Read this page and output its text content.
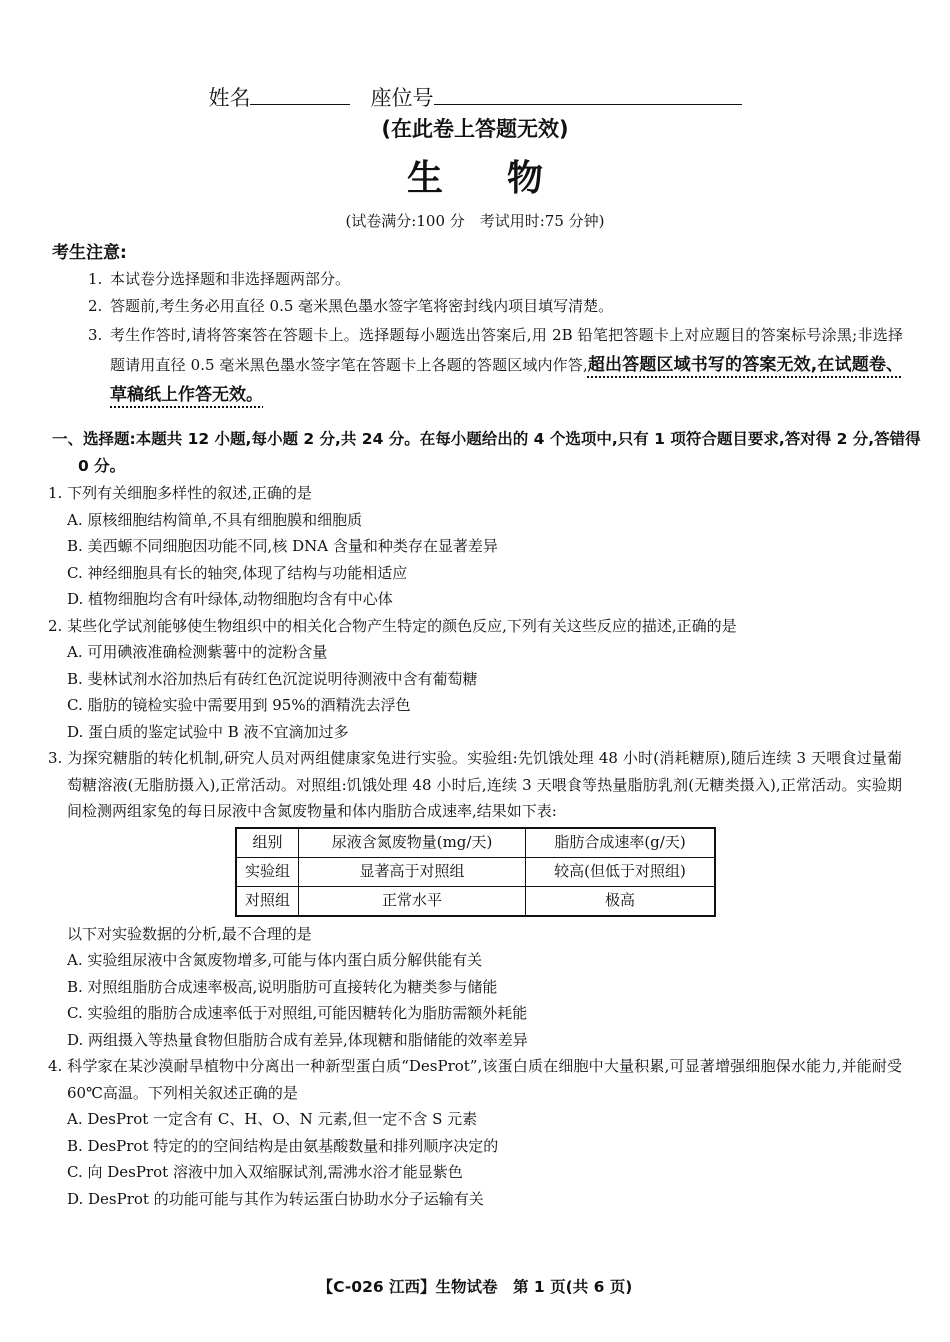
姓名	座位号
(在此卷上答题无效)
生物
(试卷满分:100 分　考试用时:75 分钟)
考生注意:
1. 本试卷分选择题和非选择题两部分。
2. 答题前,考生务必用直径 0.5 毫米黑色墨水签字笔将密封线内项目填写清楚。
3. 考生作答时,请将答案答在答题卡上。选择题每小题选出答案后,用 2B 铅笔把答题卡上对应题目的答案标号涂黑;非选择题请用直径 0.5 毫米黑色墨水签字笔在答题卡上各题的答题区域内作答,超出答题区域书写的答案无效,在试题卷、草稿纸上作答无效。
一、选择题:本题共 12 小题,每小题 2 分,共 24 分。在每小题给出的 4 个选项中,只有 1 项符合题目要求,答对得 2 分,答错得 0 分。
1. 下列有关细胞多样性的叙述,正确的是
A. 原核细胞结构简单,不具有细胞膜和细胞质
B. 美西螈不同细胞因功能不同,核 DNA 含量和种类存在显著差异
C. 神经细胞具有长的轴突,体现了结构与功能相适应
D. 植物细胞均含有叶绿体,动物细胞均含有中心体
2. 某些化学试剂能够使生物组织中的相关化合物产生特定的颜色反应,下列有关这些反应的描述,正确的是
A. 可用碘液准确检测紫薯中的淀粉含量
B. 斐林试剂水浴加热后有砖红色沉淀说明待测液中含有葡萄糖
C. 脂肪的镜检实验中需要用到 95%的酒精洗去浮色
D. 蛋白质的鉴定试验中 B 液不宜滴加过多
3. 为探究糖脂的转化机制,研究人员对两组健康家兔进行实验。实验组:先饥饿处理 48 小时(消耗糖原),随后连续 3 天喂食过量葡萄糖溶液(无脂肪摄入),正常活动。对照组:饥饿处理 48 小时后,连续 3 天喂食等热量脂肪乳剂(无糖类摄入),正常活动。实验期间检测两组家兔的每日尿液中含氮废物量和体内脂肪合成速率,结果如下表:
组别	尿液含氮废物量(mg/天)	脂肪合成速率(g/天)
实验组	显著高于对照组	较高(但低于对照组)
对照组	正常水平	极高
以下对实验数据的分析,最不合理的是
A. 实验组尿液中含氮废物增多,可能与体内蛋白质分解供能有关
B. 对照组脂肪合成速率极高,说明脂肪可直接转化为糖类参与储能
C. 实验组的脂肪合成速率低于对照组,可能因糖转化为脂肪需额外耗能
D. 两组摄入等热量食物但脂肪合成有差异,体现糖和脂储能的效率差异
4. 科学家在某沙漠耐旱植物中分离出一种新型蛋白质“DesProt”,该蛋白质在细胞中大量积累,可显著增强细胞保水能力,并能耐受 60℃高温。下列相关叙述正确的是
A. DesProt 一定含有 C、H、O、N 元素,但一定不含 S 元素
B. DesProt 特定的的空间结构是由氨基酸数量和排列顺序决定的
C. 向 DesProt 溶液中加入双缩脲试剂,需沸水浴才能显紫色
D. DesProt 的功能可能与其作为转运蛋白协助水分子运输有关
【C-026 江西】生物试卷　第 1 页(共 6 页)
